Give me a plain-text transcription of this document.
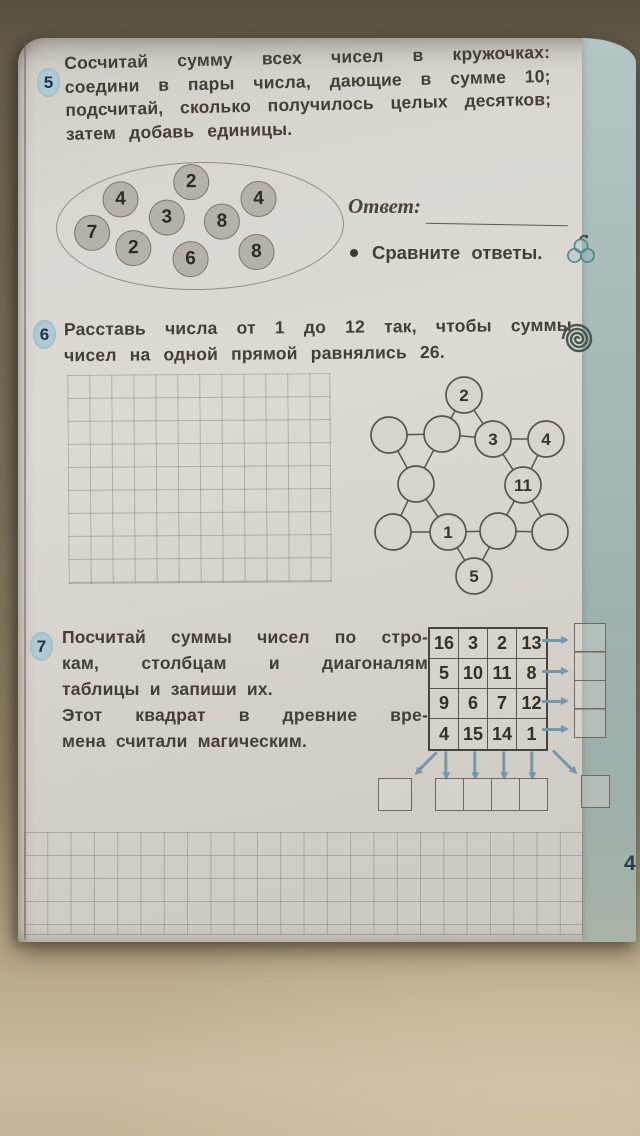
5
Сосчитай сумму всех чисел в кружочках:
соедини в пары числа, дающие в сумме 10;
подсчитай, сколько получилось целых десятков;
затем добавь единицы.
2
4	4
3	8
7
2
6	8
Ответ:
Сравните ответы.
6 Расставь числа от 1 до 12 так, чтобы суммы
чисел на одной прямой равнялись 26.
2
3	4
11
1
5
7 Посчитай суммы чисел по стро-
кам, столбцам и диагоналям
таблицы и запиши их.
Этот квадрат в древние вре-
мена считали магическим.
16 3	2 13
5 10 11 8
9	6	7 12
4 15 14 1
4
